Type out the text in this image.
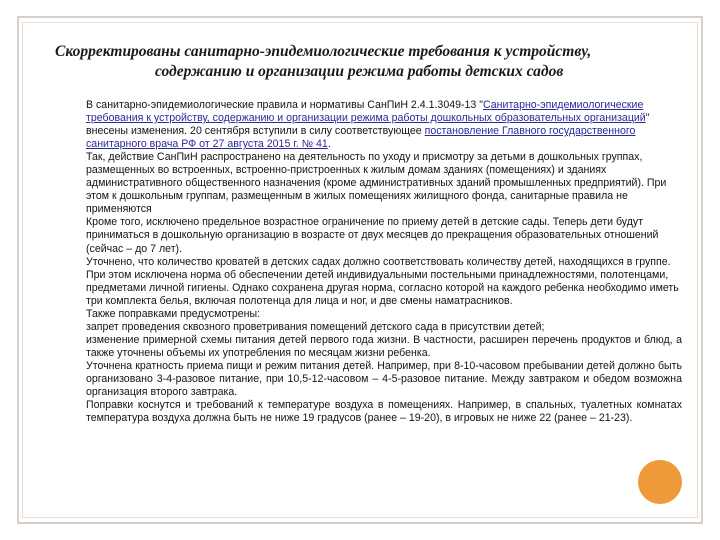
Скорректированы санитарно-эпидемиологические требования к устройству,
содержанию и организации режима работы детских садов

В санитарно-эпидемиологические правила и нормативы СанПиН 2.4.1.3049-13 "Санитарно-эпидемиологические требования к устройству, содержанию и организации режима работы дошкольных образовательных организаций" внесены изменения. 20 сентября вступили в силу соответствующее постановление Главного государственного санитарного врача РФ от 27 августа 2015 г. № 41.

Так, действие СанПиН распространено на деятельность по уходу и присмотру за детьми в дошкольных группах, размещенных во встроенных, встроенно-пристроенных к жилым домам зданиях (помещениях) и зданиях административного общественного назначения (кроме административных зданий промышленных предприятий). При этом к дошкольным группам, размещенным в жилых помещениях жилищного фонда, санитарные правила не применяются

Кроме того, исключено предельное возрастное ограничение по приему детей в детские сады. Теперь дети будут приниматься в дошкольную организацию в возрасте от двух месяцев до прекращения образовательных отношений (сейчас – до 7 лет).

Уточнено, что количество кроватей в детских садах должно соответствовать количеству детей, находящихся в группе. При этом исключена норма об обеспечении детей индивидуальными постельными принадлежностями, полотенцами, предметами личной гигиены. Однако сохранена другая норма, согласно которой на каждого ребенка необходимо иметь три комплекта белья, включая полотенца для лица и ног, и две смены наматрасников.

Также поправками предусмотрены:

запрет проведения сквозного проветривания помещений детского сада в присутствии детей;

изменение примерной схемы питания детей первого года жизни. В частности, расширен перечень продуктов и блюд, а также уточнены объемы их употребления по месяцам жизни ребенка.

Уточнена кратность приема пищи и режим питания детей. Например, при 8-10-часовом пребывании детей должно быть организовано 3-4-разовое питание, при 10,5-12-часовом – 4-5-разовое питание. Между завтраком и обедом возможна организация второго завтрака.

Поправки коснутся и требований к температуре воздуха в помещениях. Например, в спальных, туалетных комнатах температура воздуха должна быть не ниже 19 градусов (ранее – 19-20), в игровых не ниже 22 (ранее – 21-23).
